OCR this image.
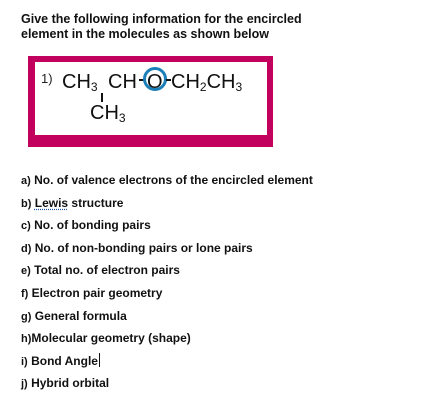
Give the following information for the encircled
element in the molecules as shown below
1) $CH_3$ CH O $CH_2CH_3$
$CH_3$
a) No. of valence electrons of the encircled element
b) Lewis structure
c) No. of bonding pairs
d) No. of non-bonding pairs or lone pairs
e) Total no. of electron pairs
f) Electron pair geometry
g) General formula
h)Molecular geometry (shape)
i) Bond Angle
j) Hybrid orbital
